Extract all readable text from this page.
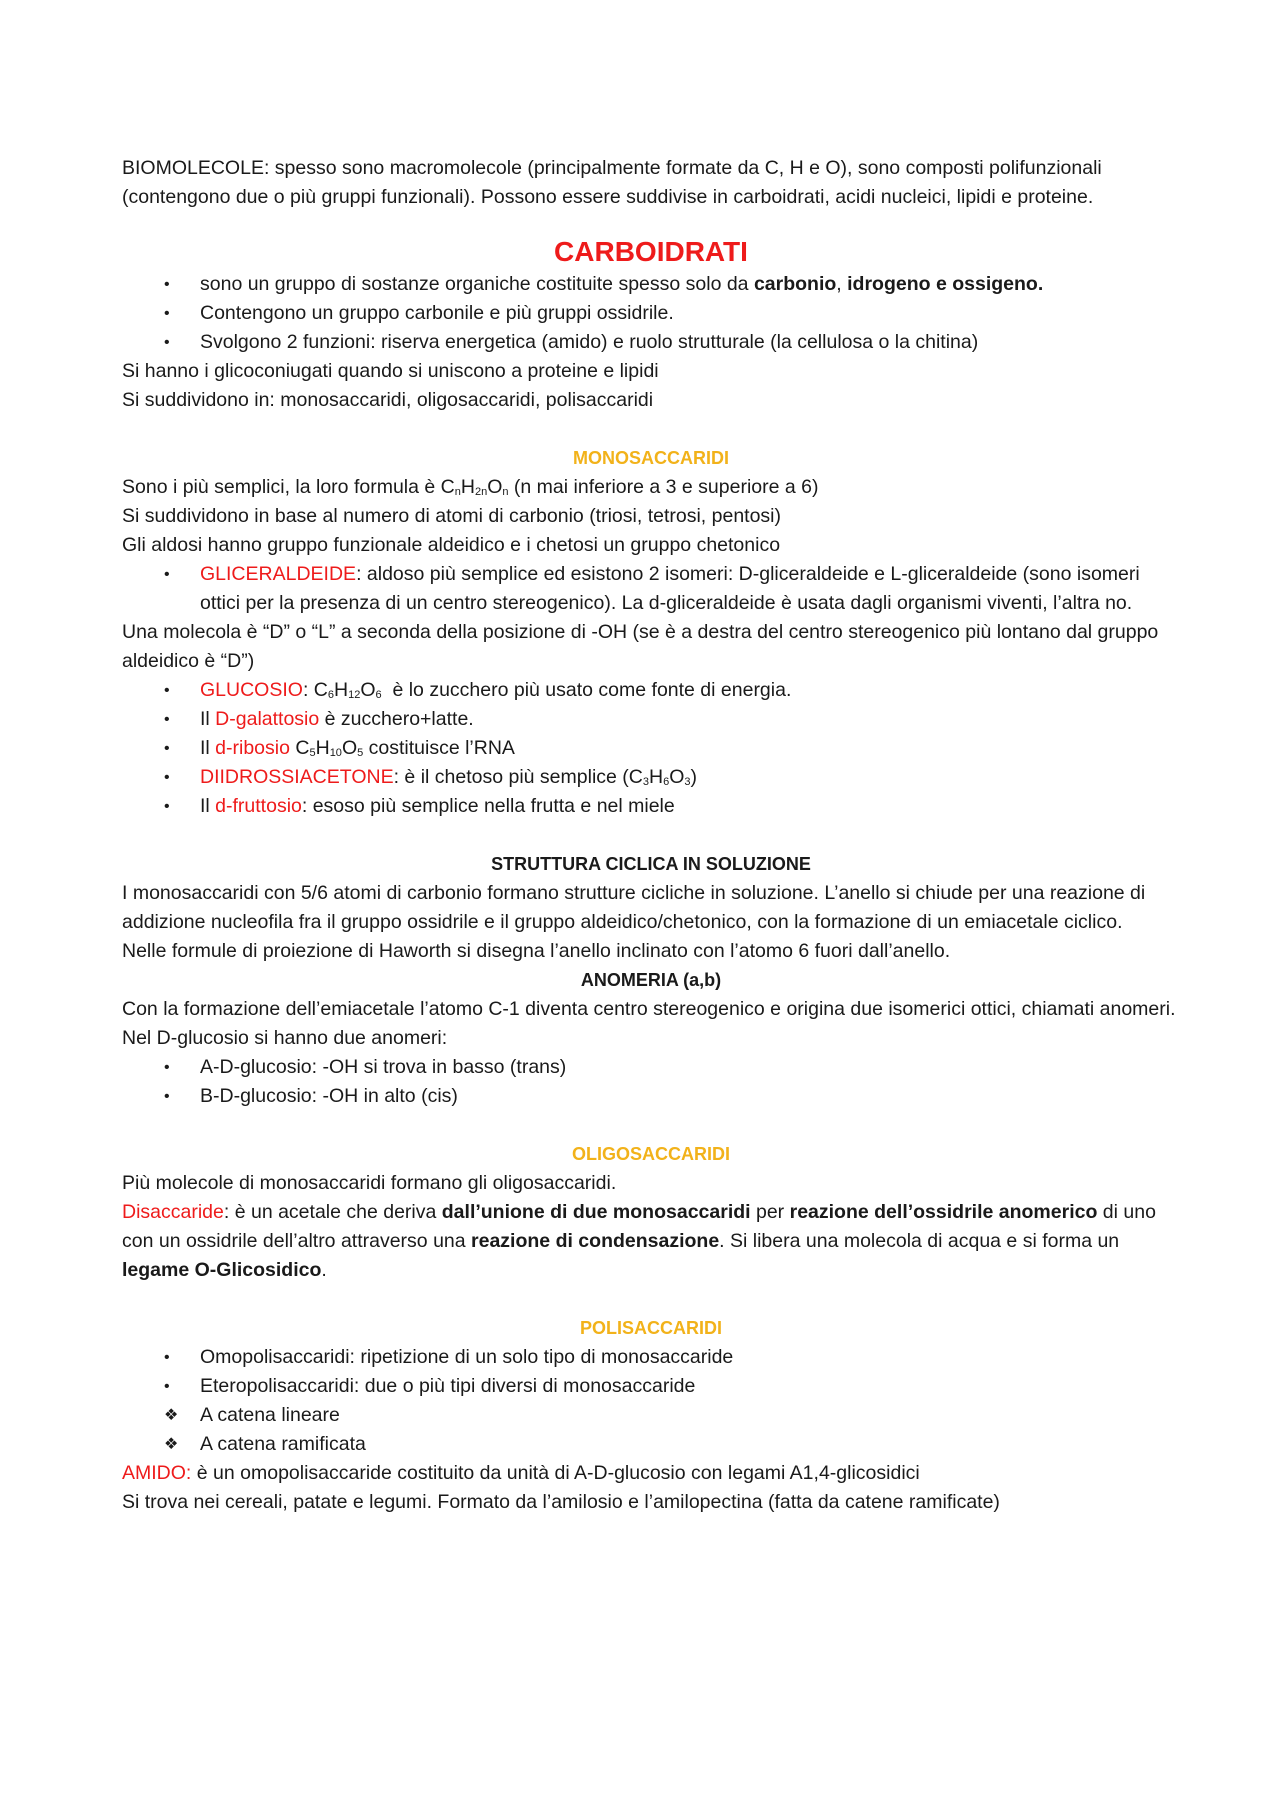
BIOMOLECOLE: spesso sono macromolecole (principalmente formate da C, H e O), sono composti polifunzionali (contengono due o più gruppi funzionali). Possono essere suddivise in carboidrati, acidi nucleici, lipidi e proteine.

CARBOIDRATI
• sono un gruppo di sostanze organiche costituite spesso solo da carbonio, idrogeno e ossigeno.
• Contengono un gruppo carbonile e più gruppi ossidrile.
• Svolgono 2 funzioni: riserva energetica (amido) e ruolo strutturale (la cellulosa o la chitina)

Si hanno i glicoconiugati quando si uniscono a proteine e lipidi

Si suddividono in: monosaccaridi, oligosaccaridi, polisaccaridi

MONOSACCARIDI

Sono i più semplici, la loro formula è $C_nH_{2n}O_n$ (n mai inferiore a 3 e superiore a 6)

Si suddividono in base al numero di atomi di carbonio (triosi, tetrosi, pentosi)

Gli aldosi hanno gruppo funzionale aldeidico e i chetosi un gruppo chetonico

• GLICERALDEIDE: aldoso più semplice ed esistono 2 isomeri: D-gliceraldeide e L-gliceraldeide (sono isomeri ottici per la presenza di un centro stereogenico). La d-gliceraldeide è usata dagli organismi viventi, l’altra no.

Una molecola è “D” o “L” a seconda della posizione di -OH (se è a destra del centro stereogenico più lontano dal gruppo aldeidico è “D”)

• GLUCOSIO: $C_6H_{12}O_6$  è lo zucchero più usato come fonte di energia.
• Il D-galattosio è zucchero+latte.
• Il d-ribosio $C_5H_{10}O_5$ costituisce l’RNA
• DIIDROSSIACETONE: è il chetoso più semplice $(C_3H_6O_3)$
• Il d-fruttosio: esoso più semplice nella frutta e nel miele
STRUTTURA CICLICA IN SOLUZIONE

I monosaccaridi con 5/6 atomi di carbonio formano strutture cicliche in soluzione. L’anello si chiude per una reazione di addizione nucleofila fra il gruppo ossidrile e il gruppo aldeidico/chetonico, con la formazione di un emiacetale ciclico.

Nelle formule di proiezione di Haworth si disegna l’anello inclinato con l’atomo 6 fuori dall’anello.

ANOMERIA (a,b)

Con la formazione dell’emiacetale l’atomo C-1 diventa centro stereogenico e origina due isomerici ottici, chiamati anomeri. Nel D-glucosio si hanno due anomeri:

• A-D-glucosio: -OH si trova in basso (trans)
• B-D-glucosio: -OH in alto (cis)
OLIGOSACCARIDI

Più molecole di monosaccaridi formano gli oligosaccaridi.

Disaccaride: è un acetale che deriva dall’unione di due monosaccaridi per reazione dell’ossidrile anomerico di uno con un ossidrile dell’altro attraverso una reazione di condensazione. Si libera una molecola di acqua e si forma un legame O-Glicosidico.

POLISACCARIDI
• Omopolisaccaridi: ripetizione di un solo tipo di monosaccaride
• Eteropolisaccaridi: due o più tipi diversi di monosaccaride
❖ A catena lineare
❖ A catena ramificata

AMIDO: è un omopolisaccaride costituito da unità di A-D-glucosio con legami A1,4-glicosidici

Si trova nei cereali, patate e legumi. Formato da l’amilosio e l’amilopectina (fatta da catene ramificate)
